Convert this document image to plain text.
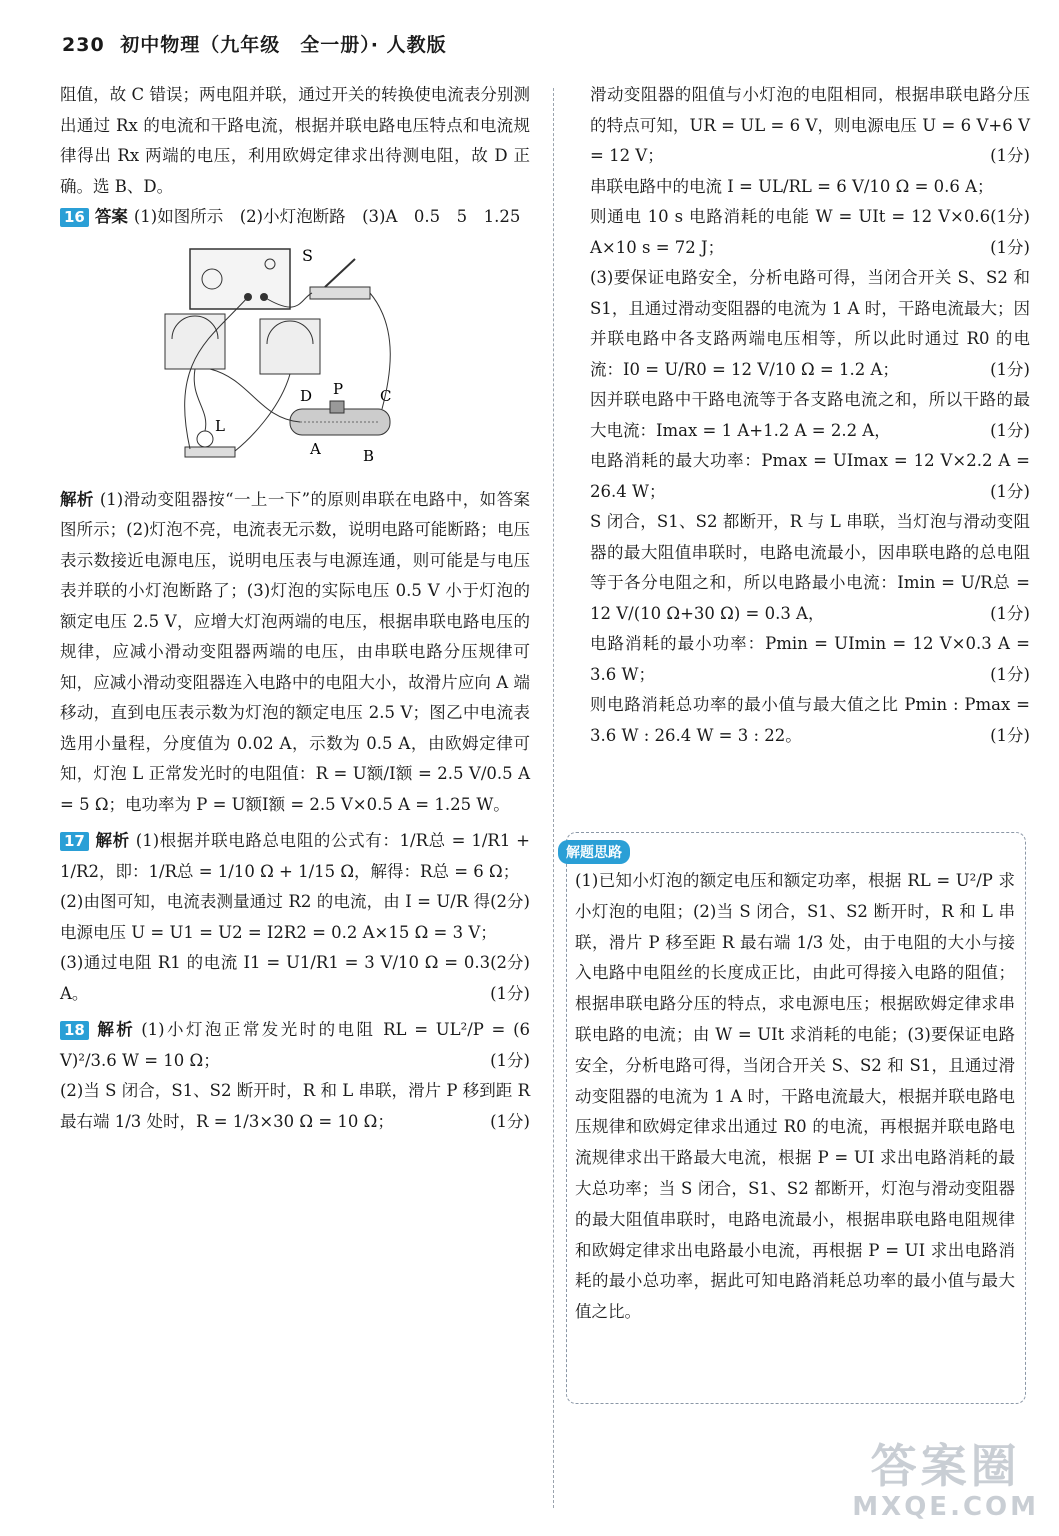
230 初中物理（九年级　全一册）· 人教版

阻值，故 C 错误；两电阻并联，通过开关的转换使电流表分别测出通过 Rx 的电流和干路电流，根据并联电路电压特点和电流规律得出 Rx 两端的电压，利用欧姆定律求出待测电阻，故 D 正确。选 B、D。

16 答案 (1)如图所示　(2)小灯泡断路　(3)A　0.5　5　1.25

S
D P C
A	B
L

解析 (1)滑动变阻器按“一上一下”的原则串联在电路中，如答案图所示；(2)灯泡不亮，电流表无示数，说明电路可能断路；电压表示数接近电源电压，说明电压表与电源连通，则可能是与电压表并联的小灯泡断路了；(3)灯泡的实际电压 0.5 V 小于灯泡的额定电压 2.5 V，应增大灯泡两端的电压，根据串联电路电压的规律，应减小滑动变阻器两端的电压，由串联电路分压规律可知，应减小滑动变阻器连入电路中的电阻大小，故滑片应向 A 端移动，直到电压表示数为灯泡的额定电压 2.5 V；图乙中电流表选用小量程，分度值为 0.02 A，示数为 0.5 A，由欧姆定律可知，灯泡 L 正常发光时的电阻值：R = U额/I额 = 2.5 V/0.5 A = 5 Ω；电功率为 P = U额I额 = 2.5 V×0.5 A = 1.25 W。

17 解析 (1)根据并联电路总电阻的公式有：1/R总 = 1/R1 + 1/R2，即：1/R总 = 1/10 Ω + 1/15 Ω，解得：R总 = 6 Ω；
(2分)

(2)由图可知，电流表测量通过 R2 的电流，由 I = U/R 得电源电压 U = U1 = U2 = I2R2 = 0.2 A×15 Ω = 3 V；
(2分)

(3)通过电阻 R1 的电流 I1 = U1/R1 = 3 V/10 Ω = 0.3 A。	(1分)

18 解析 (1)小灯泡正常发光时的电阻 RL = UL²/P = (6 V)²/3.6 W = 10 Ω；	(1分)

(2)当 S 闭合，S1、S2 断开时，R 和 L 串联，滑片 P 移到距 R 最右端 1/3 处时，R = 1/3×30 Ω = 10 Ω；	(1分)

滑动变阻器的阻值与小灯泡的电阻相同，根据串联电路分压的特点可知，UR = UL = 6 V，则电源电压 U = 6 V+6 V = 12 V；	(1分)

串联电路中的电流 I = UL/RL = 6 V/10 Ω = 0.6 A；
(1分)

则通电 10 s 电路消耗的电能 W = UIt = 12 V×0.6 A×10 s = 72 J；	(1分)

(3)要保证电路安全，分析电路可得，当闭合开关 S、S2 和 S1，且通过滑动变阻器的电流为 1 A 时，干路电流最大；因并联电路中各支路两端电压相等，所以此时通过 R0 的电流：I0 = U/R0 = 12 V/10 Ω = 1.2 A；	(1分)

因并联电路中干路电流等于各支路电流之和，所以干路的最大电流：Imax = 1 A+1.2 A = 2.2 A，	(1分)

电路消耗的最大功率：Pmax = UImax = 12 V×2.2 A = 26.4 W；	(1分)

S 闭合，S1、S2 都断开，R 与 L 串联，当灯泡与滑动变阻器的最大阻值串联时，电路电流最小，因串联电路的总电阻等于各分电阻之和，所以电路最小电流：Imin = U/R总 = 12 V/(10 Ω+30 Ω) = 0.3 A，	(1分)

电路消耗的最小功率：Pmin = UImin = 12 V×0.3 A = 3.6 W；	(1分)

则电路消耗总功率的最小值与最大值之比 Pmin : Pmax = 3.6 W : 26.4 W = 3 : 22。	(1分)

解题思路
(1)已知小灯泡的额定电压和额定功率，根据 RL = U²/P 求小灯泡的电阻；(2)当 S 闭合，S1、S2 断开时，R 和 L 串联，滑片 P 移至距 R 最右端 1/3 处，由于电阻的大小与接入电路中电阻丝的长度成正比，由此可得接入电路的阻值；根据串联电路分压的特点，求电源电压；根据欧姆定律求串联电路的电流；由 W = UIt 求消耗的电能；(3)要保证电路安全，分析电路可得，当闭合开关 S、S2 和 S1，且通过滑动变阻器的电流为 1 A 时，干路电流最大，根据并联电路电压规律和欧姆定律求出通过 R0 的电流，再根据并联电路电流规律求出干路最大电流，根据 P = UI 求出电路消耗的最大总功率；当 S 闭合，S1、S2 都断开，灯泡与滑动变阻器的最大阻值串联时，电路电流最小，根据串联电路电阻规律和欧姆定律求出电路最小电流，再根据 P = UI 求出电路消耗的最小总功率，据此可知电路消耗总功率的最小值与最大值之比。
答案圈
MXQE.COM
